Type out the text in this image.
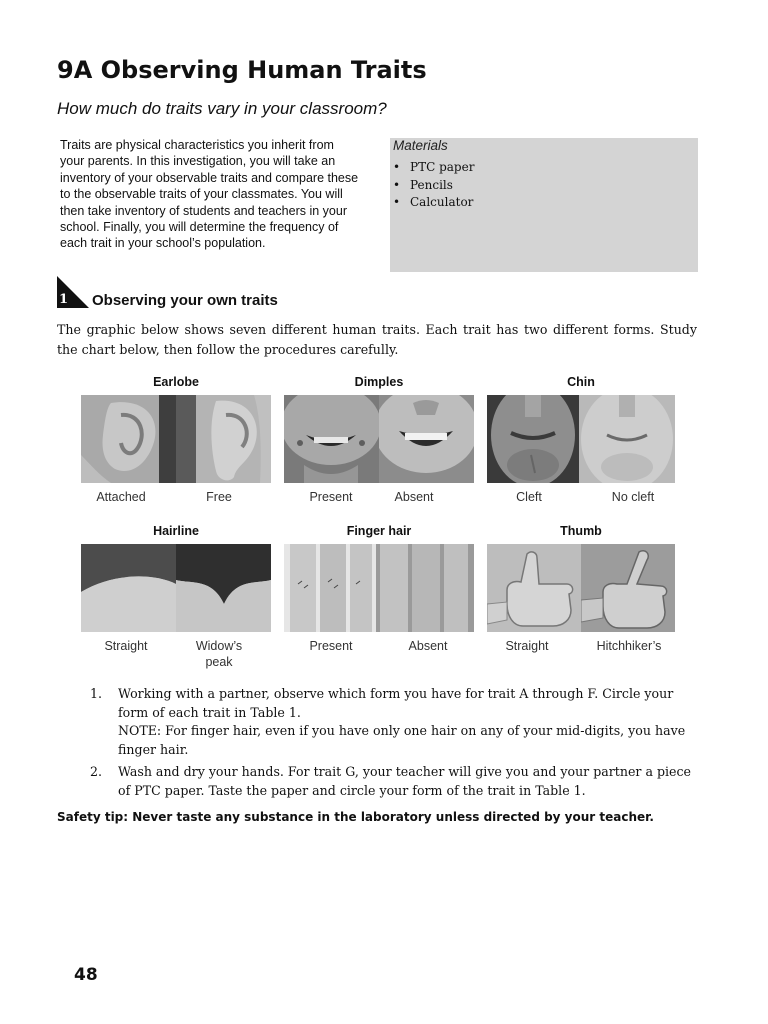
9A Observing Human Traits

How much do traits vary in your classroom?

Traits are physical characteristics you inherit from your parents. In this investigation, you will take an inventory of your observable traits and compare these to the observable traits of your classmates. You will then take inventory of students and teachers in your school. Finally, you will determine the frequency of each trait in your school’s population.

Materials
• PTC paper
• Pencils
• Calculator
1 Observing your own traits

The graphic below shows seven different human traits. Each trait has two different forms. Study the chart below, then follow the procedures carefully.

Earlobe
Attached	Free
Dimples
Present	Absent
Chin
Cleft	No cleft
Hairline
Straight	Widow’s peak
Finger hair
Present	Absent
Thumb
Straight	Hitchhiker’s
1. Working with a partner, observe which form you have for trait A through F. Circle your form of each trait in Table 1.
NOTE: For finger hair, even if you have only one hair on any of your mid-digits, you have finger hair.
2. Wash and dry your hands. For trait G, your teacher will give you and your partner a piece of PTC paper. Taste the paper and circle your form of the trait in Table 1.

Safety tip: Never taste any substance in the laboratory unless directed by your teacher.

48
